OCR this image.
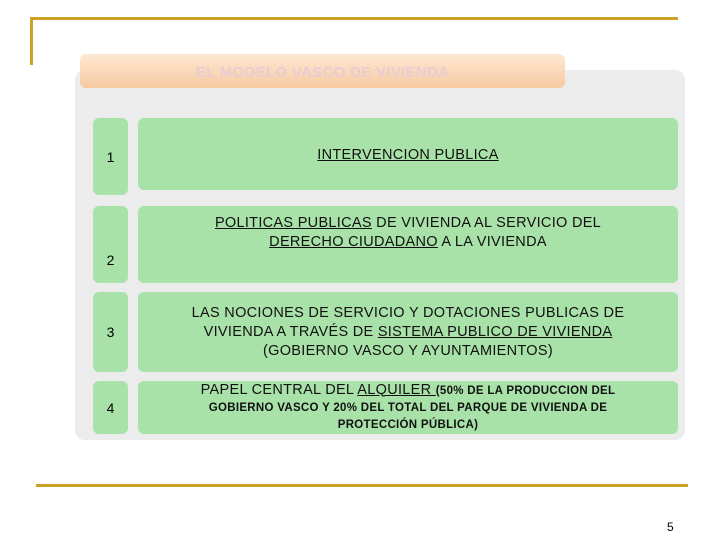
EL MODELO VASCO DE VIVIENDA
1	INTERVENCION PUBLICA
2
POLITICAS PUBLICAS DE VIVIENDA AL SERVICIO DEL
DERECHO CIUDADANO A LA VIVIENDA
3
LAS NOCIONES DE SERVICIO Y DOTACIONES PUBLICAS DE
VIVIENDA A TRAVÉS DE SISTEMA PUBLICO DE VIVIENDA
(GOBIERNO VASCO Y AYUNTAMIENTOS)
4
PAPEL CENTRAL DEL ALQUILER (50% DE LA PRODUCCION DEL
GOBIERNO VASCO Y 20% DEL TOTAL DEL PARQUE DE VIVIENDA DE
PROTECCIÓN PÚBLICA)
5
